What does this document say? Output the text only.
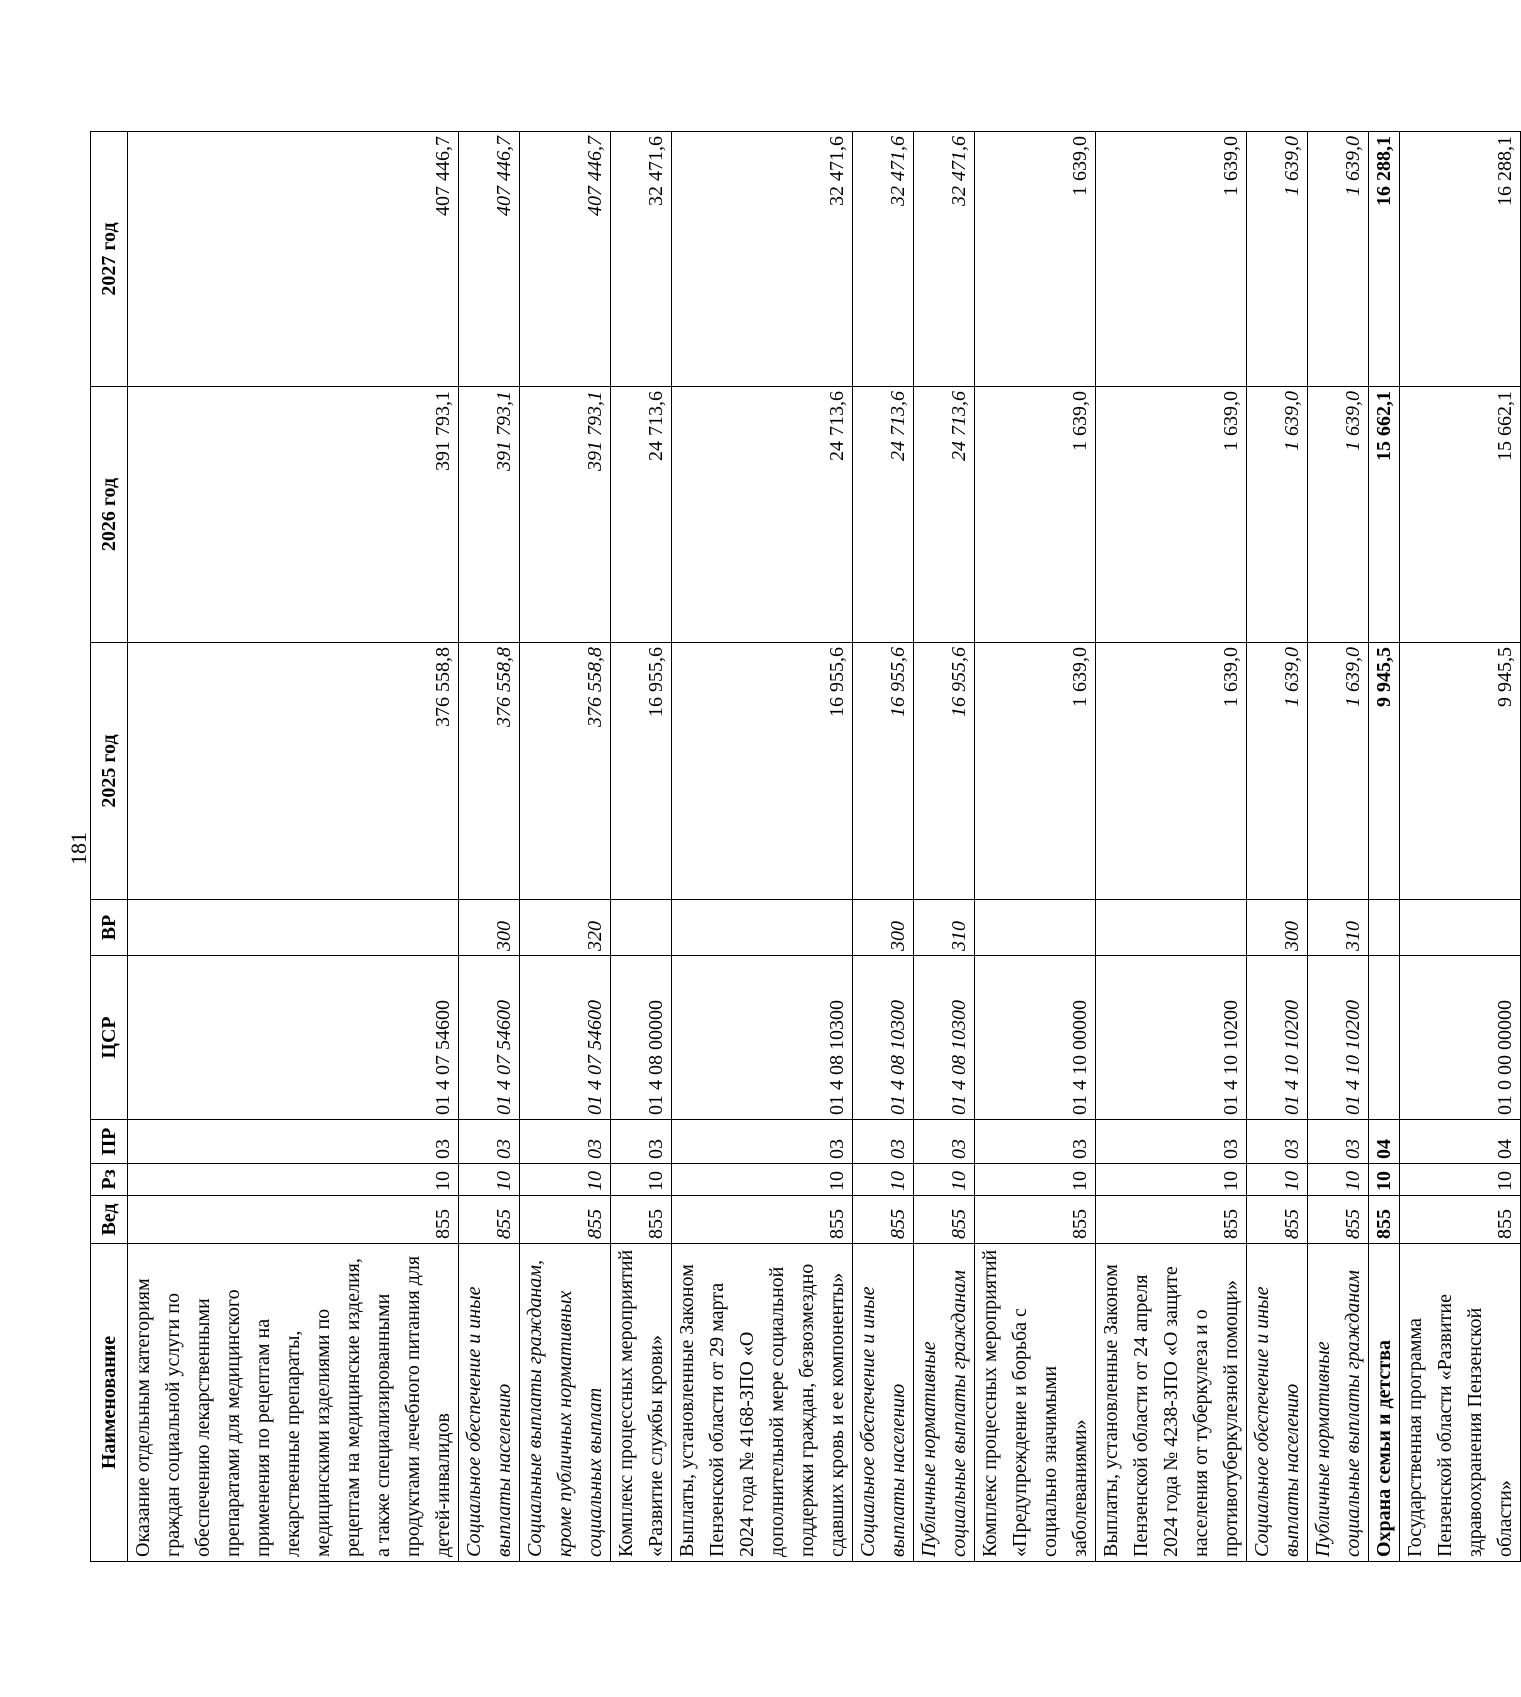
181
Наименование	Вед	Рз	ПР	ЦСР	ВР	2025 год	2026 год	2027 год
Оказание отдельным категориям граждан социальной услуги по обеспечению лекарственными препаратами для медицинского применения по рецептам на лекарственные препараты, медицинскими изделиями по рецептам на медицинские изделия, а также специализированными продуктами лечебного питания для детей-инвалидов	855	10	03	01 4 07 54600		376 558,8	391 793,1	407 446,7
Социальное обеспечение и иные выплаты населению	855	10	03	01 4 07 54600	300	376 558,8	391 793,1	407 446,7
Социальные выплаты гражданам, кроме публичных нормативных социальных выплат	855	10	03	01 4 07 54600	320	376 558,8	391 793,1	407 446,7
Комплекс процессных мероприятий «Развитие службы крови»	855	10	03	01 4 08 00000		16 955,6	24 713,6	32 471,6
Выплаты, установленные Законом Пензенской области от 29 марта 2024 года № 4168-ЗПО «О дополнительной мере социальной поддержки граждан, безвозмездно сдавших кровь и ее компоненты»	855	10	03	01 4 08 10300		16 955,6	24 713,6	32 471,6
Социальное обеспечение и иные выплаты населению	855	10	03	01 4 08 10300	300	16 955,6	24 713,6	32 471,6
Публичные нормативные социальные выплаты гражданам	855	10	03	01 4 08 10300	310	16 955,6	24 713,6	32 471,6
Комплекс процессных мероприятий «Предупреждение и борьба с социально значимыми заболеваниями»	855	10	03	01 4 10 00000		1 639,0	1 639,0	1 639,0
Выплаты, установленные Законом Пензенской области от 24 апреля 2024 года № 4238-ЗПО «О защите населения от туберкулеза и о противотуберкулезной помощи»	855	10	03	01 4 10 10200		1 639,0	1 639,0	1 639,0
Социальное обеспечение и иные выплаты населению	855	10	03	01 4 10 10200	300	1 639,0	1 639,0	1 639,0
Публичные нормативные социальные выплаты гражданам	855	10	03	01 4 10 10200	310	1 639,0	1 639,0	1 639,0
Охрана семьи и детства	855	10	04			9 945,5	15 662,1	16 288,1
Государственная программа Пензенской области «Развитие здравоохранения Пензенской области»	855	10	04	01 0 00 00000		9 945,5	15 662,1	16 288,1
